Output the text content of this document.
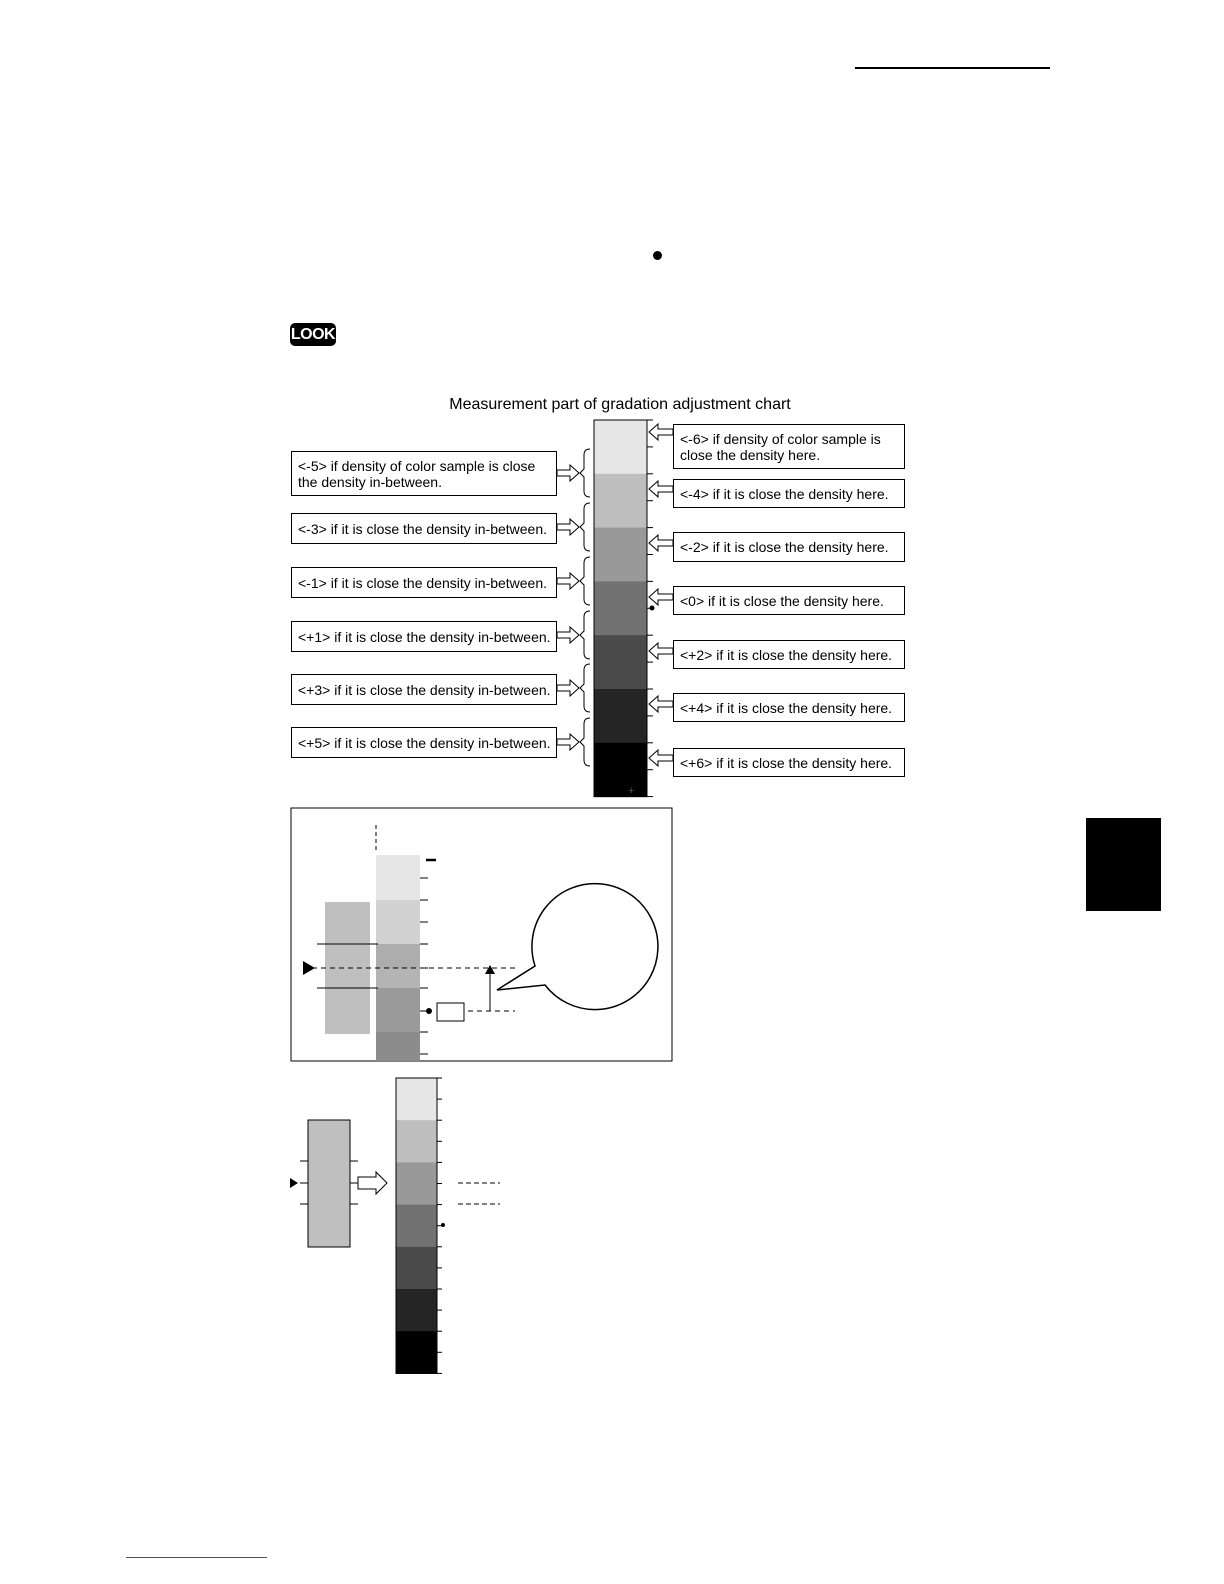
LOOK
Measurement part of gradation adjustment chart
+
<-5> if density of color sample is close the density in-between.
<-3> if it is close the density in-between.
<-1> if it is close the density in-between.
<+1> if it is close the density in-between.
<+3> if it is close the density in-between.
<+5> if it is close the density in-between.
<-6> if density of color sample is close the density here.
<-4> if it is close the density here.
<-2> if it is close the density here.
<0> if it is close the density here.
<+2> if it is close the density here.
<+4> if it is close the density here.
<+6> if it is close the density here.
